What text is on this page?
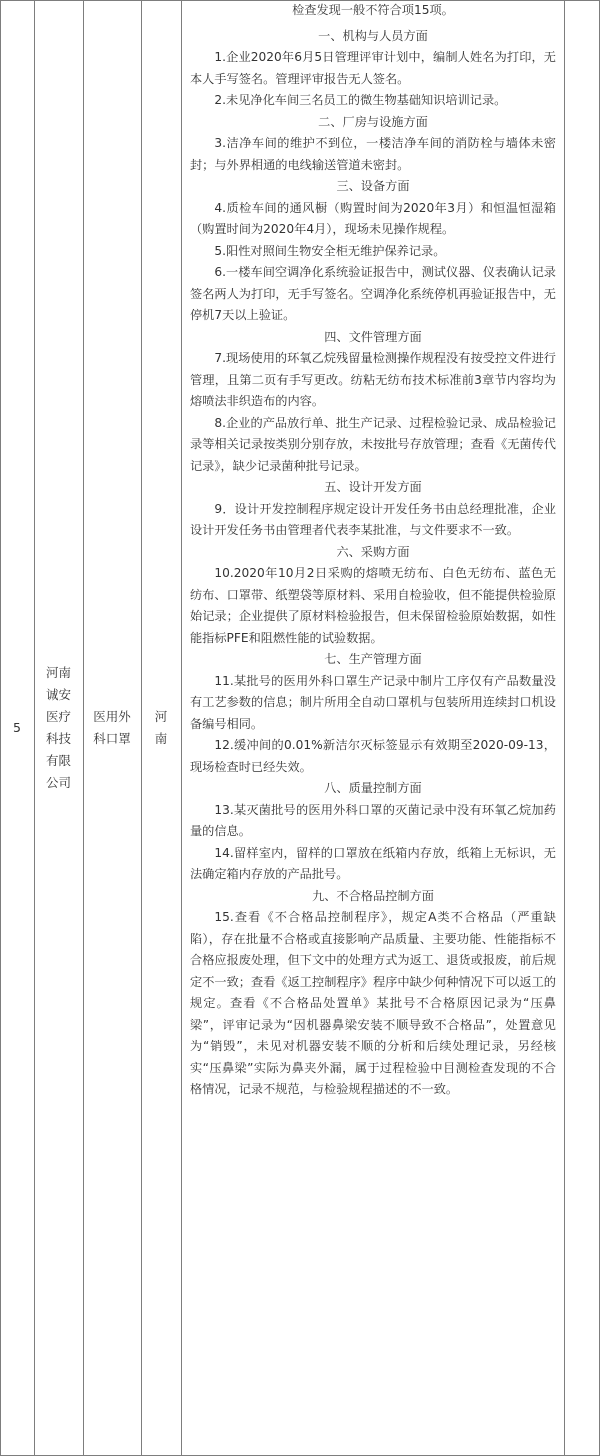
5
河南
诚安
医疗
科技
有限
公司
医用外
科口罩
河
南

检查发现一般不符合项15项。

一、机构与人员方面

1.企业2020年6月5日管理评审计划中，编制人姓名为打印，无本人手写签名。管理评审报告无人签名。

2.未见净化车间三名员工的微生物基础知识培训记录。

二、厂房与设施方面

3.洁净车间的维护不到位，一楼洁净车间的消防栓与墙体未密封；与外界相通的电线输送管道未密封。

三、设备方面

4.质检车间的通风橱（购置时间为2020年3月）和恒温恒湿箱（购置时间为2020年4月），现场未见操作规程。

5.阳性对照间生物安全柜无维护保养记录。

6.一楼车间空调净化系统验证报告中，测试仪器、仪表确认记录签名两人为打印，无手写签名。空调净化系统停机再验证报告中，无停机7天以上验证。

四、文件管理方面

7.现场使用的环氧乙烷残留量检测操作规程没有按受控文件进行管理，且第二页有手写更改。纺粘无纺布技术标准前3章节内容均为熔喷法非织造布的内容。

8.企业的产品放行单、批生产记录、过程检验记录、成品检验记录等相关记录按类别分别存放，未按批号存放管理；查看《无菌传代记录》，缺少记录菌种批号记录。

五、设计开发方面

9．设计开发控制程序规定设计开发任务书由总经理批准，企业设计开发任务书由管理者代表李某批准，与文件要求不一致。

六、采购方面

10.2020年10月2日采购的熔喷无纺布、白色无纺布、蓝色无纺布、口罩带、纸塑袋等原材料、采用自检验收，但不能提供检验原始记录；企业提供了原材料检验报告，但未保留检验原始数据，如性能指标PFE和阻燃性能的试验数据。

七、生产管理方面

11.某批号的医用外科口罩生产记录中制片工序仅有产品数量没有工艺参数的信息；制片所用全自动口罩机与包装所用连续封口机设备编号相同。

12.缓冲间的0.01%新洁尔灭标签显示有效期至2020-09-13，现场检查时已经失效。

八、质量控制方面

13.某灭菌批号的医用外科口罩的灭菌记录中没有环氧乙烷加药量的信息。

14.留样室内，留样的口罩放在纸箱内存放，纸箱上无标识，无法确定箱内存放的产品批号。

九、不合格品控制方面

15.查看《不合格品控制程序》，规定A类不合格品（严重缺陷），存在批量不合格或直接影响产品质量、主要功能、性能指标不合格应报废处理，但下文中的处理方式为返工、退货或报废，前后规定不一致；查看《返工控制程序》程序中缺少何种情况下可以返工的规定。查看《不合格品处置单》某批号不合格原因记录为“压鼻梁”，评审记录为“因机器鼻梁安装不顺导致不合格品”，处置意见为“销毁”，未见对机器安装不顺的分析和后续处理记录，另经核实“压鼻梁”实际为鼻夹外漏，属于过程检验中目测检查发现的不合格情况，记录不规范，与检验规程描述的不一致。
